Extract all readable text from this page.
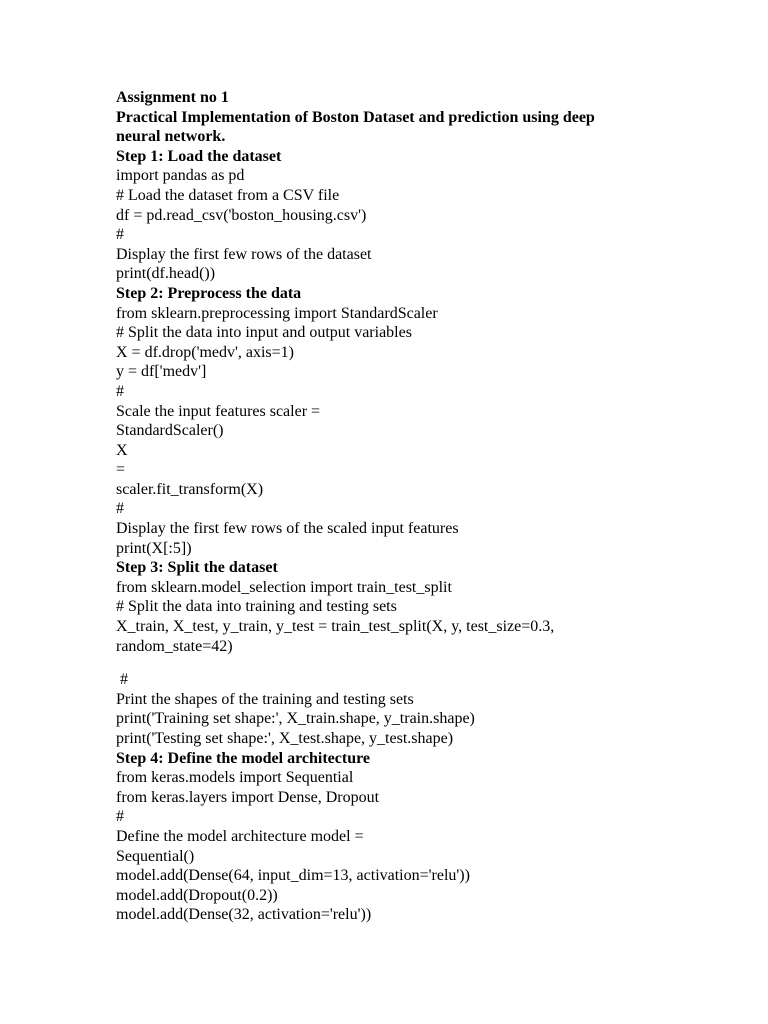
Assignment no 1
Practical Implementation of Boston Dataset and prediction using deep neural network.
Step 1: Load the dataset
import pandas as pd
# Load the dataset from a CSV file
df = pd.read_csv('boston_housing.csv')
#
Display the first few rows of the dataset
print(df.head())
Step 2: Preprocess the data
from sklearn.preprocessing import StandardScaler
# Split the data into input and output variables
X = df.drop('medv', axis=1)
y = df['medv']
#
Scale the input features scaler =
StandardScaler()
X
=
scaler.fit_transform(X)
#
Display the first few rows of the scaled input features
print(X[:5])
Step 3: Split the dataset
from sklearn.model_selection import train_test_split
# Split the data into training and testing sets
X_train, X_test, y_train, y_test = train_test_split(X, y, test_size=0.3,
random_state=42)
#
Print the shapes of the training and testing sets
print('Training set shape:', X_train.shape, y_train.shape)
print('Testing set shape:', X_test.shape, y_test.shape)
Step 4: Define the model architecture
from keras.models import Sequential
from keras.layers import Dense, Dropout
#
Define the model architecture model =
Sequential()
model.add(Dense(64, input_dim=13, activation='relu'))
model.add(Dropout(0.2))
model.add(Dense(32, activation='relu'))
